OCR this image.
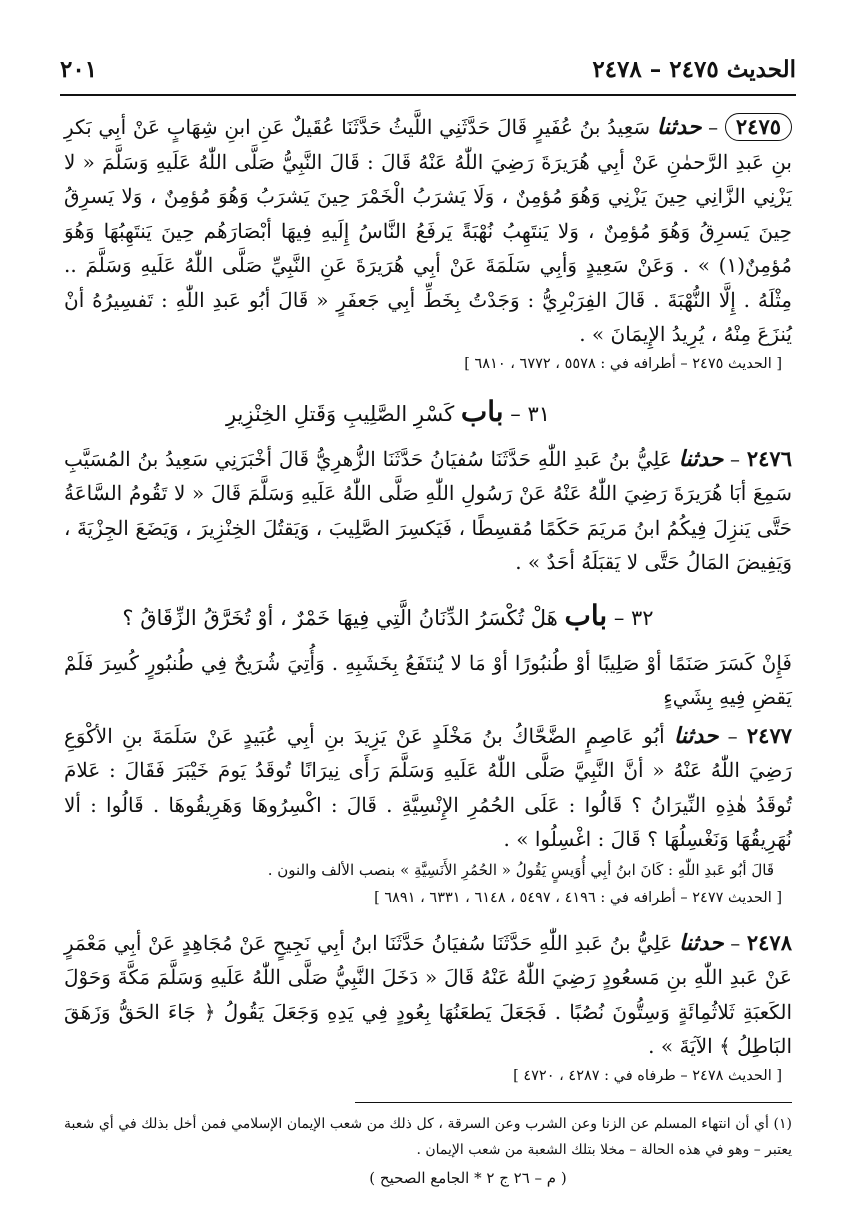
الحديث ٢٤٧٥ – ٢٤٧٨
٢٠١

٢٤٧٥ – حدثنا سَعِيدُ بنُ عُفَيرٍ قَالَ حَدَّثَنِي اللَّيثُ حَدَّثَنَا عُقَيلٌ عَنِ ابنِ شِهَابٍ عَنْ أبِي بَكرِ بنِ عَبدِ الرَّحمٰنِ عَنْ أبِي هُرَيرَةَ رَضِيَ اللّٰهُ عَنْهُ قَالَ : قَالَ النَّبِيُّ صَلَّى اللّٰهُ عَلَيهِ وَسَلَّمَ « لا يَزْنِي الزَّانِي حِينَ يَزْنِي وَهُوَ مُؤمِنٌ ، وَلَا يَشرَبُ الْخَمْرَ حِينَ يَشرَبُ وَهُوَ مُؤمِنٌ ، وَلا يَسرِقُ حِينَ يَسرِقُ وَهُوَ مُؤمِنٌ ، وَلا يَنتَهِبُ نُهْبَةً يَرفَعُ النَّاسُ إِلَيهِ فِيهَا أبْصَارَهُم حِينَ يَنتَهِبُهَا وَهُوَ مُؤمِنٌ(١) » . وَعَنْ سَعِيدٍ وَأبِي سَلَمَةَ عَنْ أبِي هُرَيرَةَ عَنِ النَّبِيِّ صَلَّى اللّٰهُ عَلَيهِ وَسَلَّمَ .. مِثْلَهُ . إِلَّا النُّهْبَةَ . قَالَ الفِرَبْرِيُّ : وَجَدْتُ بِخَطِّ أبِي جَعفَرٍ « قَالَ أبُو عَبدِ اللّٰهِ : تَفسِيرُهُ أنْ يُنزَعَ مِنْهُ ، يُرِيدُ الإِيمَانَ » .

[ الحديث ٢٤٧٥ – أطرافه في : ٥٥٧٨ ، ٦٧٧٢ ، ٦٨١٠ ]
٣١ – باب كَسْرِ الصَّلِيبِ وَقَتلِ الخِنْزِيرِ

٢٤٧٦ – حدثنا عَلِيُّ بنُ عَبدِ اللّٰهِ حَدَّثَنَا سُفيَانُ حَدَّثَنَا الزُّهرِيُّ قَالَ أخْبَرَنِي سَعِيدُ بنُ المُسَيَّبِ سَمِعَ أبَا هُرَيرَةَ رَضِيَ اللّٰهُ عَنْهُ عَنْ رَسُولِ اللّٰهِ صَلَّى اللّٰهُ عَلَيهِ وَسَلَّمَ قَالَ « لا تَقُومُ السَّاعَةُ حَتَّى يَنزِلَ فِيكُمُ ابنُ مَريَمَ حَكَمًا مُقسِطًا ، فَيَكسِرَ الصَّلِيبَ ، وَيَقتُلَ الخِنْزِيرَ ، وَيَضَعَ الجِزْيَةَ ، وَيَفِيضَ المَالُ حَتَّى لا يَقبَلَهُ أحَدٌ » .

٣٢ – باب هَلْ تُكْسَرُ الدِّنَانُ الَّتِي فِيهَا خَمْرٌ ، أوْ تُخَرَّقُ الزِّقَاقُ ؟

فَإِنْ كَسَرَ صَنَمًا أوْ صَلِيبًا أوْ طُنبُورًا أوْ مَا لا يُنتَفَعُ بِخَشَبِهِ . وَأُتِيَ شُرَيحٌ فِي طُنبُورٍ كُسِرَ فَلَمْ يَقضِ فِيهِ بِشَيءٍ

٢٤٧٧ – حدثنا أبُو عَاصِمٍ الضَّحَّاكُ بنُ مَخْلَدٍ عَنْ يَزِيدَ بنِ أبِي عُبَيدٍ عَنْ سَلَمَةَ بنِ الأكْوَعِ رَضِيَ اللّٰهُ عَنْهُ « أنَّ النَّبِيَّ صَلَّى اللّٰهُ عَلَيهِ وَسَلَّمَ رَأَى نِيرَانًا تُوقَدُ يَومَ خَيْبَرَ فَقَالَ : عَلامَ تُوقَدُ هٰذِهِ النِّيرَانُ ؟ قَالُوا : عَلَى الحُمُرِ الإِنْسِيَّةِ . قَالَ : اكْسِرُوهَا وَهَرِيقُوهَا . قَالُوا : ألا نُهَرِيقُهَا وَنَغْسِلُهَا ؟ قَالَ : اغْسِلُوا » .

قَالَ أبُو عَبدِ اللّٰهِ : كَانَ ابنُ أبِي أُوَيسٍ يَقُولُ « الحُمُرِ الأَنَسِيَّةِ » بنصب الألف والنون .
[ الحديث ٢٤٧٧ – أطرافه في : ٤١٩٦ ، ٥٤٩٧ ، ٦١٤٨ ، ٦٣٣١ ، ٦٨٩١ ]

٢٤٧٨ – حدثنا عَلِيُّ بنُ عَبدِ اللّٰهِ حَدَّثَنَا سُفيَانُ حَدَّثَنَا ابنُ أبِي نَجِيحٍ عَنْ مُجَاهِدٍ عَنْ أبِي مَعْمَرٍ عَنْ عَبدِ اللّٰهِ بنِ مَسعُودٍ رَضِيَ اللّٰهُ عَنْهُ قَالَ « دَخَلَ النَّبِيُّ صَلَّى اللّٰهُ عَلَيهِ وَسَلَّمَ مَكَّةَ وَحَوْلَ الكَعبَةِ ثَلاثُمِائَةٍ وَسِتُّونَ نُصُبًا . فَجَعَلَ يَطعَنُهَا بِعُودٍ فِي يَدِهِ وَجَعَلَ يَقُولُ ﴿ جَاءَ الحَقُّ وَزَهَقَ البَاطِلُ ﴾ الآيَةَ » .

[ الحديث ٢٤٧٨ – طرفاه في : ٤٢٨٧ ، ٤٧٢٠ ]

(١) أي أن انتهاء المسلم عن الزنا وعن الشرب وعن السرقة ، كل ذلك من شعب الإيمان الإسلامي فمن أخل بذلك في أي شعبة يعتبر – وهو في هذه الحالة – مخلا بتلك الشعبة من شعب الإيمان .

( م – ٢٦ ج ٢ * الجامع الصحيح )
